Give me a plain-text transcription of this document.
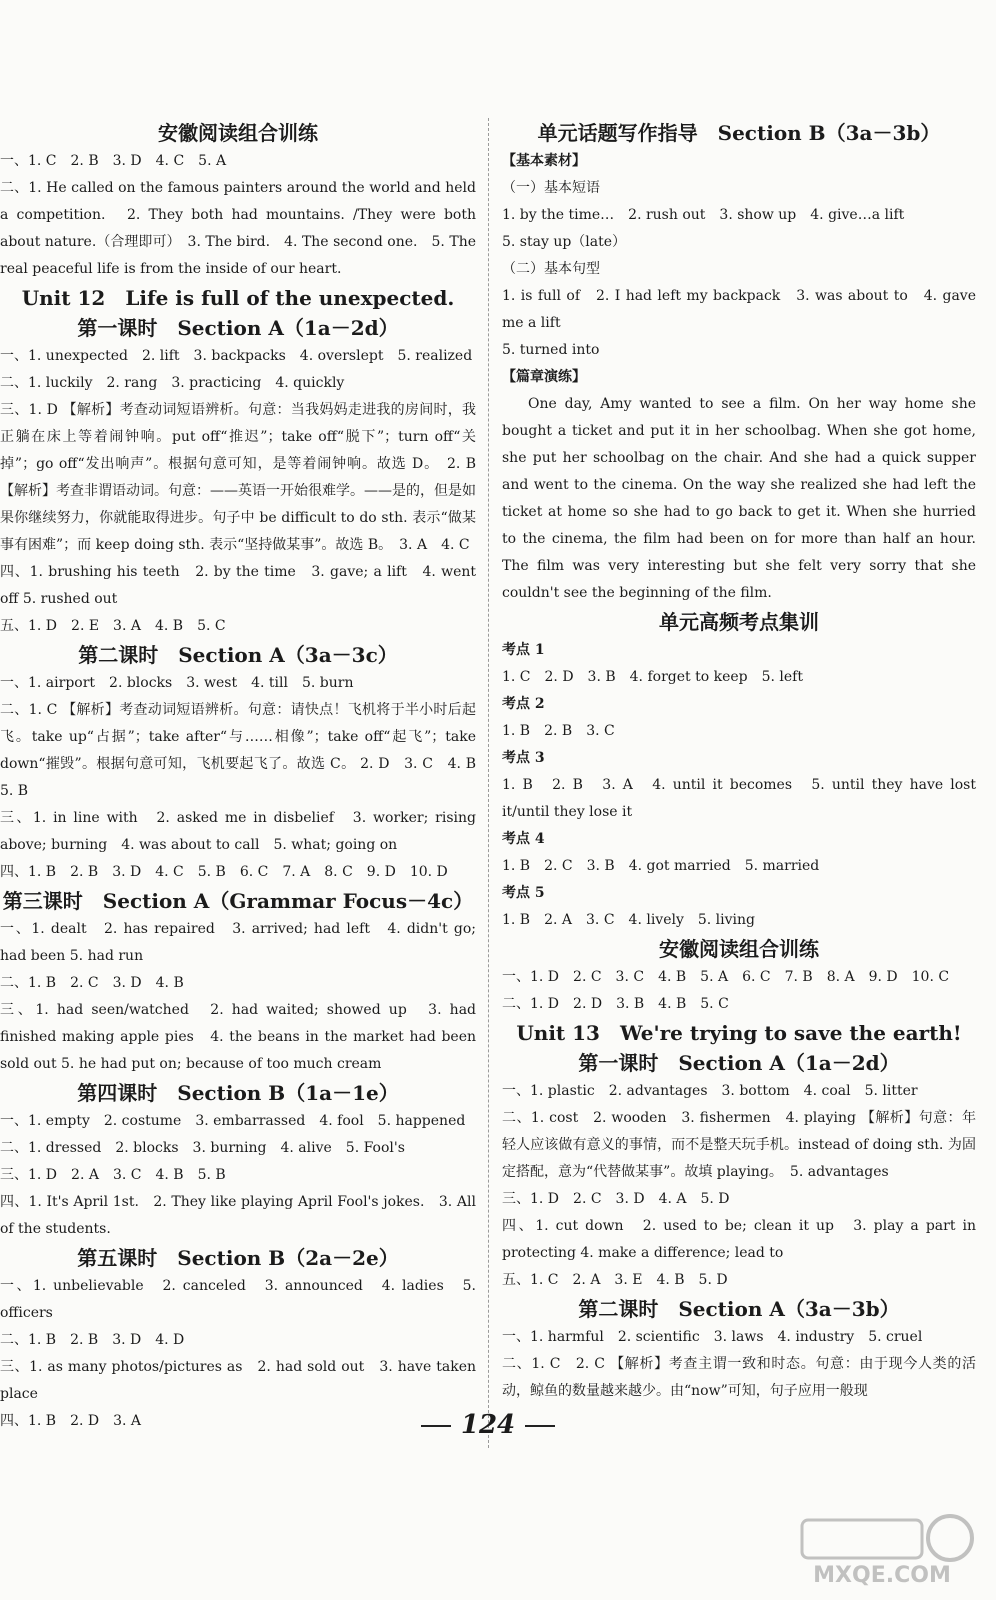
安徽阅读组合训练

一、1. C　2. B　3. D　4. C　5. A

二、1. He called on the famous painters around the world and held a competition.　2. They both had mountains. /They were both about nature.（合理即可）　3. The bird.　4. The second one.　5. The real peaceful life is from the inside of our heart.

Unit 12　Life is full of the unexpected.
第一课时　Section A（1a－2d）

一、1. unexpected　2. lift　3. backpacks　4. overslept　5. realized

二、1. luckily　2. rang　3. practicing　4. quickly

三、1. D 【解析】考查动词短语辨析。句意：当我妈妈走进我的房间时，我正躺在床上等着闹钟响。put off“推迟”；take off“脱下”；turn off“关掉”；go off“发出响声”。根据句意可知，是等着闹钟响。故选 D。　2. B 【解析】考查非谓语动词。句意：——英语一开始很难学。——是的，但是如果你继续努力，你就能取得进步。句子中 be difficult to do sth. 表示“做某事有困难”；而 keep doing sth. 表示“坚持做某事”。故选 B。　3. A　4. C

四、1. brushing his teeth　2. by the time　3. gave; a lift　4. went off 5. rushed out

五、1. D　2. E　3. A　4. B　5. C

第二课时　Section A（3a－3c）

一、1. airport　2. blocks　3. west　4. till　5. burn

二、1. C 【解析】考查动词短语辨析。句意：请快点！飞机将于半小时后起飞。take up“占据”；take after“与……相像”；take off“起飞”；take down“摧毁”。根据句意可知，飞机要起飞了。故选 C。 2. D　3. C　4. B　5. B

三、1. in line with　2. asked me in disbelief　3. worker; rising above; burning　4. was about to call　5. what; going on

四、1. B　2. B　3. D　4. C　5. B　6. C　7. A　8. C　9. D　10. D

第三课时　Section A（Grammar Focus－4c）

一、1. dealt　2. has repaired　3. arrived; had left　4. didn't go; had been 5. had run

二、1. B　2. C　3. D　4. B

三、1. had seen/watched　2. had waited; showed up　3. had finished making apple pies　4. the beans in the market had been sold out 5. he had put on; because of too much cream

第四课时　Section B（1a－1e）

一、1. empty　2. costume　3. embarrassed　4. fool　5. happened

二、1. dressed　2. blocks　3. burning　4. alive　5. Fool's

三、1. D　2. A　3. C　4. B　5. B

四、1. It's April 1st.　2. They like playing April Fool's jokes.　3. All of the students.

第五课时　Section B（2a－2e）

一、1. unbelievable　2. canceled　3. announced　4. ladies　5. officers

二、1. B　2. B　3. D　4. D

三、1. as many photos/pictures as　2. had sold out　3. have taken place

四、1. B　2. D　3. A

单元话题写作指导　Section B（3a－3b）

【基本素材】

（一）基本短语

1. by the time…　2. rush out　3. show up　4. give…a lift

5. stay up（late）

（二）基本句型

1. is full of　2. I had left my backpack　3. was about to　4. gave me a lift

5. turned into

【篇章演练】

One day, Amy wanted to see a film. On her way home she bought a ticket and put it in her schoolbag. When she got home, she put her schoolbag on the chair. And she had a quick supper and went to the cinema. On the way she realized she had left the ticket at home so she had to go back to get it. When she hurried to the cinema, the film had been on for more than half an hour. The film was very interesting but she felt very sorry that she couldn't see the beginning of the film.

单元高频考点集训

考点 1

1. C　2. D　3. B　4. forget to keep　5. left

考点 2

1. B　2. B　3. C

考点 3

1. B　2. B　3. A　4. until it becomes　5. until they have lost it/until they lose it

考点 4

1. B　2. C　3. B　4. got married　5. married

考点 5

1. B　2. A　3. C　4. lively　5. living

安徽阅读组合训练

一、1. D　2. C　3. C　4. B　5. A　6. C　7. B　8. A　9. D　10. C

二、1. D　2. D　3. B　4. B　5. C

Unit 13　We're trying to save the earth!
第一课时　Section A（1a－2d）

一、1. plastic　2. advantages　3. bottom　4. coal　5. litter

二、1. cost　2. wooden　3. fishermen　4. playing 【解析】句意：年轻人应该做有意义的事情，而不是整天玩手机。instead of doing sth. 为固定搭配，意为“代替做某事”。故填 playing。　5. advantages

三、1. D　2. C　3. D　4. A　5. D

四、1. cut down　2. used to be; clean it up　3. play a part in protecting 4. make a difference; lead to

五、1. C　2. A　3. E　4. B　5. D

第二课时　Section A（3a－3b）

一、1. harmful　2. scientific　3. laws　4. industry　5. cruel

二、1. C　2. C 【解析】考查主谓一致和时态。句意：由于现今人类的活动，鲸鱼的数量越来越少。由“now”可知，句子应用一般现

124
MXQE.COM
